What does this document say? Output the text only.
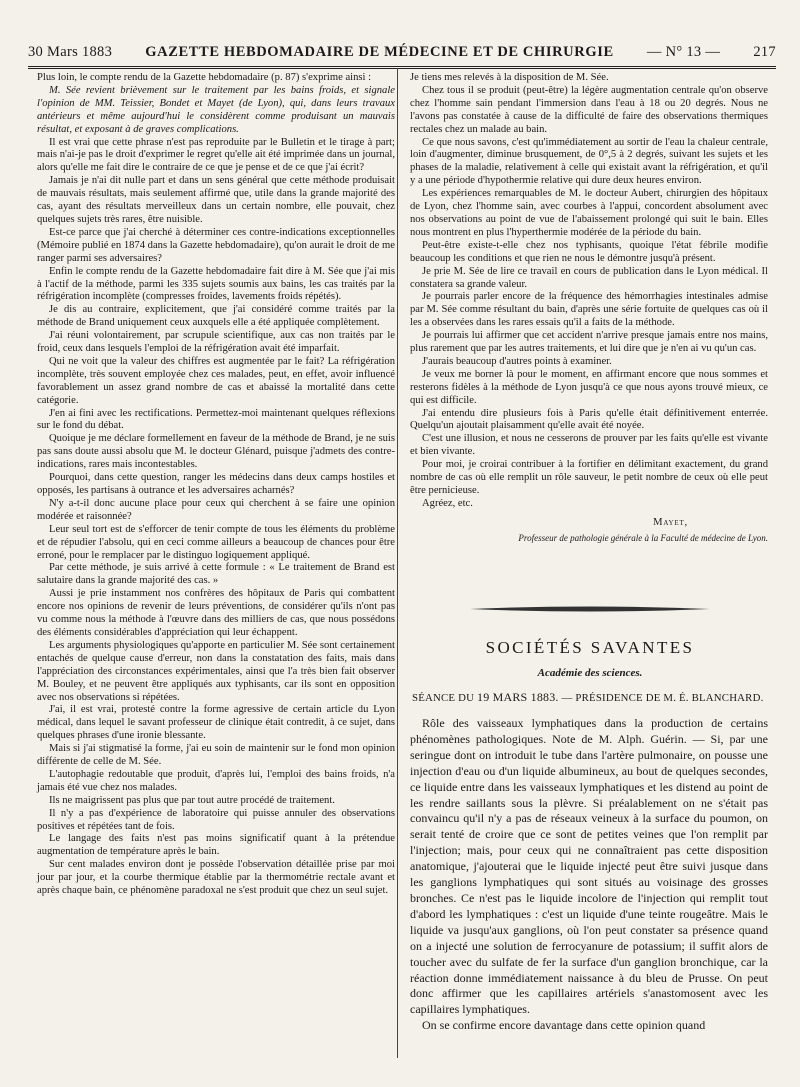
30 Mars 1883 GAZETTE HEBDOMADAIRE DE MÉDECINE ET DE CHIRURGIE — N° 13 — 217

Plus loin, le compte rendu de la Gazette hebdomadaire (p. 87) s'exprime ainsi :

M. Sée revient brièvement sur le traitement par les bains froids, et signale l'opinion de MM. Teissier, Bondet et Mayet (de Lyon), qui, dans leurs travaux antérieurs et même aujourd'hui le considèrent comme produisant un mauvais résultat, et exposant à de graves complications.

Il est vrai que cette phrase n'est pas reproduite par le Bulletin et le tirage à part; mais n'ai-je pas le droit d'exprimer le regret qu'elle ait été imprimée dans un journal, alors qu'elle me fait dire le contraire de ce que je pense et de ce que j'ai écrit?

Jamais je n'ai dit nulle part et dans un sens général que cette méthode produisait de mauvais résultats, mais seulement affirmé que, utile dans la grande majorité des cas, ayant des résultats merveilleux dans un certain nombre, elle pouvait, chez quelques sujets très rares, être nuisible.

Est-ce parce que j'ai cherché à déterminer ces contre-indications exceptionnelles (Mémoire publié en 1874 dans la Gazette hebdomadaire), qu'on aurait le droit de me ranger parmi ses adversaires?

Enfin le compte rendu de la Gazette hebdomadaire fait dire à M. Sée que j'ai mis à l'actif de la méthode, parmi les 335 sujets soumis aux bains, les cas traités par la réfrigération incomplète (compresses froides, lavements froids répétés).

Je dis au contraire, explicitement, que j'ai considéré comme traités par la méthode de Brand uniquement ceux auxquels elle a été appliquée complètement.

J'ai réuni volontairement, par scrupule scientifique, aux cas non traités par le froid, ceux dans lesquels l'emploi de la réfrigération avait été imparfait.

Qui ne voit que la valeur des chiffres est augmentée par le fait? La réfrigération incomplète, très souvent employée chez ces malades, peut, en effet, avoir influencé favorablement un assez grand nombre de cas et abaissé la mortalité dans cette catégorie.

J'en ai fini avec les rectifications. Permettez-moi maintenant quelques réflexions sur le fond du débat.

Quoique je me déclare formellement en faveur de la méthode de Brand, je ne suis pas sans doute aussi absolu que M. le docteur Glénard, puisque j'admets des contre-indications, rares mais incontestables.

Pourquoi, dans cette question, ranger les médecins dans deux camps hostiles et opposés, les partisans à outrance et les adversaires acharnés?

N'y a-t-il donc aucune place pour ceux qui cherchent à se faire une opinion modérée et raisonnée?

Leur seul tort est de s'efforcer de tenir compte de tous les éléments du problème et de répudier l'absolu, qui en ceci comme ailleurs a beaucoup de chances pour être erroné, pour le remplacer par le distinguo logiquement appliqué.

Par cette méthode, je suis arrivé à cette formule : « Le traitement de Brand est salutaire dans la grande majorité des cas. »

Aussi je prie instamment nos confrères des hôpitaux de Paris qui combattent encore nos opinions de revenir de leurs préventions, de considérer qu'ils n'ont pas vu comme nous la méthode à l'œuvre dans des milliers de cas, que nous possédons des éléments considérables d'appréciation qui leur échappent.

Les arguments physiologiques qu'apporte en particulier M. Sée sont certainement entachés de quelque cause d'erreur, non dans la constatation des faits, mais dans l'appréciation des circonstances expérimentales, ainsi que l'a très bien fait observer M. Bouley, et ne peuvent être appliqués aux typhisants, car ils sont en opposition avec nos observations si répétées.

J'ai, il est vrai, protesté contre la forme agressive de certain article du Lyon médical, dans lequel le savant professeur de clinique était contredit, à ce sujet, dans quelques phrases d'une ironie blessante.

Mais si j'ai stigmatisé la forme, j'ai eu soin de maintenir sur le fond mon opinion différente de celle de M. Sée.

L'autophagie redoutable que produit, d'après lui, l'emploi des bains froids, n'a jamais été vue chez nos malades.

Ils ne maigrissent pas plus que par tout autre procédé de traitement.

Il n'y a pas d'expérience de laboratoire qui puisse annuler des observations positives et répétées tant de fois.

Le langage des faits n'est pas moins significatif quant à la prétendue augmentation de température après le bain.

Sur cent malades environ dont je possède l'observation détaillée prise par moi jour par jour, et la courbe thermique établie par la thermométrie rectale avant et après chaque bain, ce phénomène paradoxal ne s'est produit que chez un seul sujet.

Je tiens mes relevés à la disposition de M. Sée.

Chez tous il se produit (peut-être) la légère augmentation centrale qu'on observe chez l'homme sain pendant l'immersion dans l'eau à 18 ou 20 degrés. Nous ne l'avons pas constatée à cause de la difficulté de faire des observations thermiques rectales chez un malade au bain.

Ce que nous savons, c'est qu'immédiatement au sortir de l'eau la chaleur centrale, loin d'augmenter, diminue brusquement, de 0°,5 à 2 degrés, suivant les sujets et les phases de la maladie, relativement à celle qui existait avant la réfrigération, et qu'il y a une période d'hypothermie relative qui dure deux heures environ.

Les expériences remarquables de M. le docteur Aubert, chirurgien des hôpitaux de Lyon, chez l'homme sain, avec courbes à l'appui, concordent absolument avec nos observations au point de vue de l'abaissement prolongé qui suit le bain. Elles nous montrent en plus l'hyperthermie modérée de la période du bain.

Peut-être existe-t-elle chez nos typhisants, quoique l'état fébrile modifie beaucoup les conditions et que rien ne nous le démontre jusqu'à présent.

Je prie M. Sée de lire ce travail en cours de publication dans le Lyon médical. Il constatera sa grande valeur.

Je pourrais parler encore de la fréquence des hémorrhagies intestinales admise par M. Sée comme résultant du bain, d'après une série fortuite de quelques cas où il les a observées dans les rares essais qu'il a faits de la méthode.

Je pourrais lui affirmer que cet accident n'arrive presque jamais entre nos mains, plus rarement que par les autres traitements, et lui dire que je n'en ai vu qu'un cas.

J'aurais beaucoup d'autres points à examiner.

Je veux me borner là pour le moment, en affirmant encore que nous sommes et resterons fidèles à la méthode de Lyon jusqu'à ce que nous ayons trouvé mieux, ce qui est difficile.

J'ai entendu dire plusieurs fois à Paris qu'elle était définitivement enterrée. Quelqu'un ajoutait plaisamment qu'elle avait été noyée.

C'est une illusion, et nous ne cesserons de prouver par les faits qu'elle est vivante et bien vivante.

Pour moi, je croirai contribuer à la fortifier en délimitant exactement, du grand nombre de cas où elle remplit un rôle sauveur, le petit nombre de ceux où elle peut être pernicieuse.

Agréez, etc.

Mayet,

Professeur de pathologie générale à la Faculté de médecine de Lyon.

SOCIÉTÉS SAVANTES
Académie des sciences.
SÉANCE DU 19 MARS 1883. — PRÉSIDENCE DE M. É. BLANCHARD.

Rôle des vaisseaux lymphatiques dans la production de certains phénomènes pathologiques. Note de M. Alph. Guérin. — Si, par une seringue dont on introduit le tube dans l'artère pulmonaire, on pousse une injection d'eau ou d'un liquide albumineux, au bout de quelques secondes, ce liquide entre dans les vaisseaux lymphatiques et les distend au point de les rendre saillants sous la plèvre. Si préalablement on ne s'était pas convaincu qu'il n'y a pas de réseaux veineux à la surface du poumon, on serait tenté de croire que ce sont de petites veines que l'on remplit par l'injection; mais, pour ceux qui ne connaîtraient pas cette disposition anatomique, j'ajouterai que le liquide injecté peut être suivi jusque dans les ganglions lymphatiques qui sont situés au voisinage des grosses bronches. Ce n'est pas le liquide incolore de l'injection qui remplit tout d'abord les lymphatiques : c'est un liquide d'une teinte rougeâtre. Mais le liquide va jusqu'aux ganglions, où l'on peut constater sa présence quand on a injecté une solution de ferrocyanure de potassium; il suffit alors de toucher avec du sulfate de fer la surface d'un ganglion bronchique, car la réaction donne immédiatement naissance à du bleu de Prusse. On peut donc affirmer que les capillaires artériels s'anastomosent avec les capillaires lymphatiques.

On se confirme encore davantage dans cette opinion quand
